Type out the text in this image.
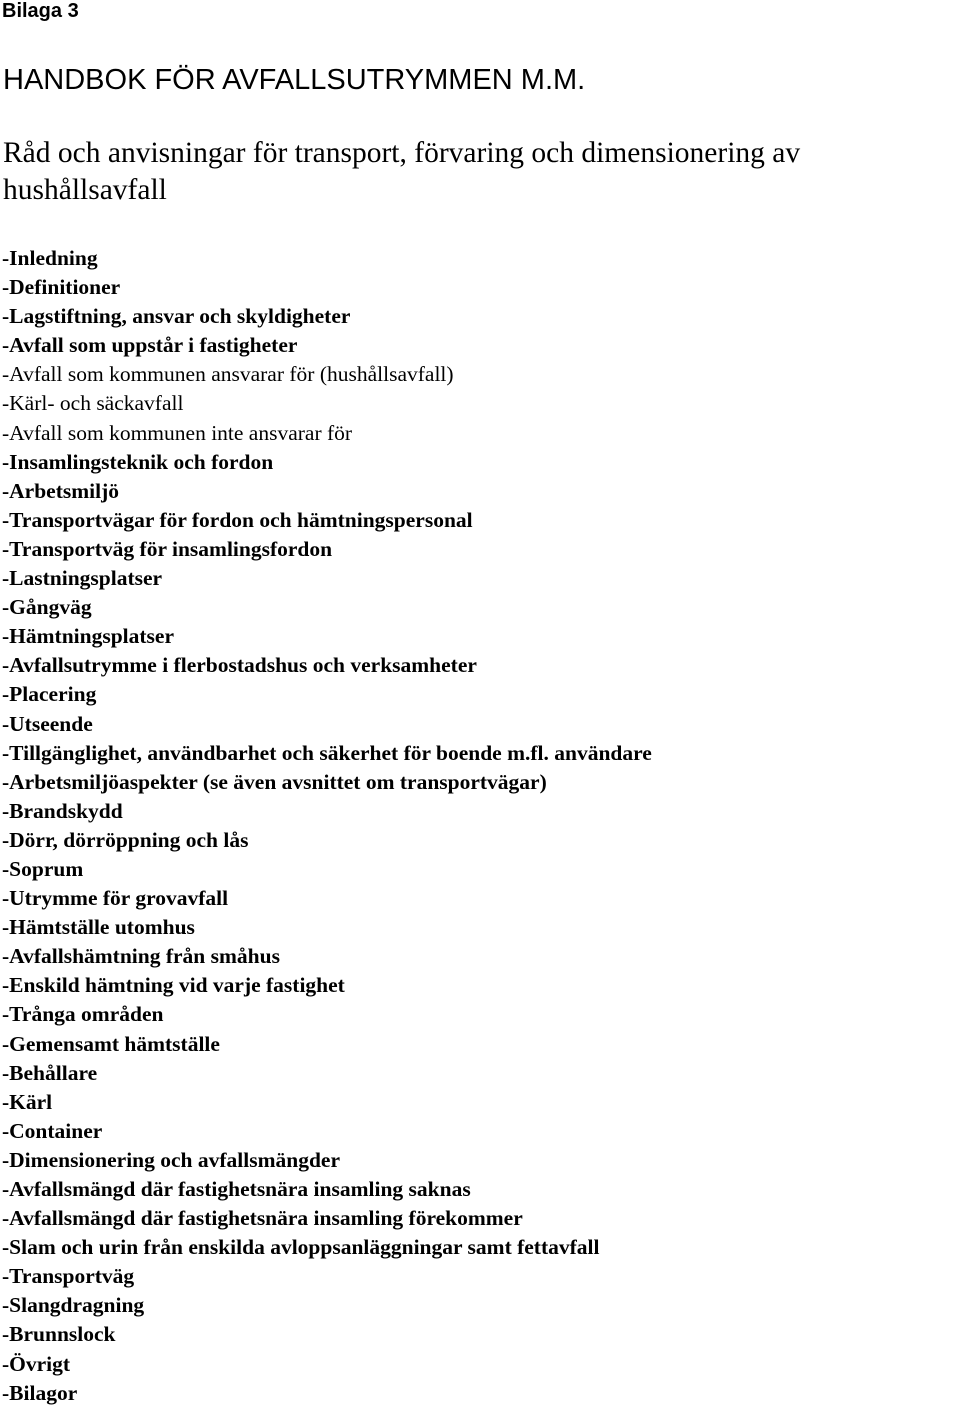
Bilaga 3

HANDBOK FÖR AVFALLSUTRYMMEN M.M.

Råd och anvisningar för transport, förvaring och dimensionering av hushållsavfall

-Inledning
-Definitioner
-Lagstiftning, ansvar och skyldigheter
-Avfall som uppstår i fastigheter
-Avfall som kommunen ansvarar för (hushållsavfall)
-Kärl- och säckavfall
-Avfall som kommunen inte ansvarar för
-Insamlingsteknik och fordon
-Arbetsmiljö
-Transportvägar för fordon och hämtningspersonal
-Transportväg för insamlingsfordon
-Lastningsplatser
-Gångväg
-Hämtningsplatser
-Avfallsutrymme i flerbostadshus och verksamheter
-Placering
-Utseende
-Tillgänglighet, användbarhet och säkerhet för boende m.fl. användare
-Arbetsmiljöaspekter (se även avsnittet om transportvägar)
-Brandskydd
-Dörr, dörröppning och lås
-Soprum
-Utrymme för grovavfall
-Hämtställe utomhus
-Avfallshämtning från småhus
-Enskild hämtning vid varje fastighet
-Trånga områden
-Gemensamt hämtställe
-Behållare
-Kärl
-Container
-Dimensionering och avfallsmängder
-Avfallsmängd där fastighetsnära insamling saknas
-Avfallsmängd där fastighetsnära insamling förekommer
-Slam och urin från enskilda avloppsanläggningar samt fettavfall
-Transportväg
-Slangdragning
-Brunnslock
-Övrigt
-Bilagor
